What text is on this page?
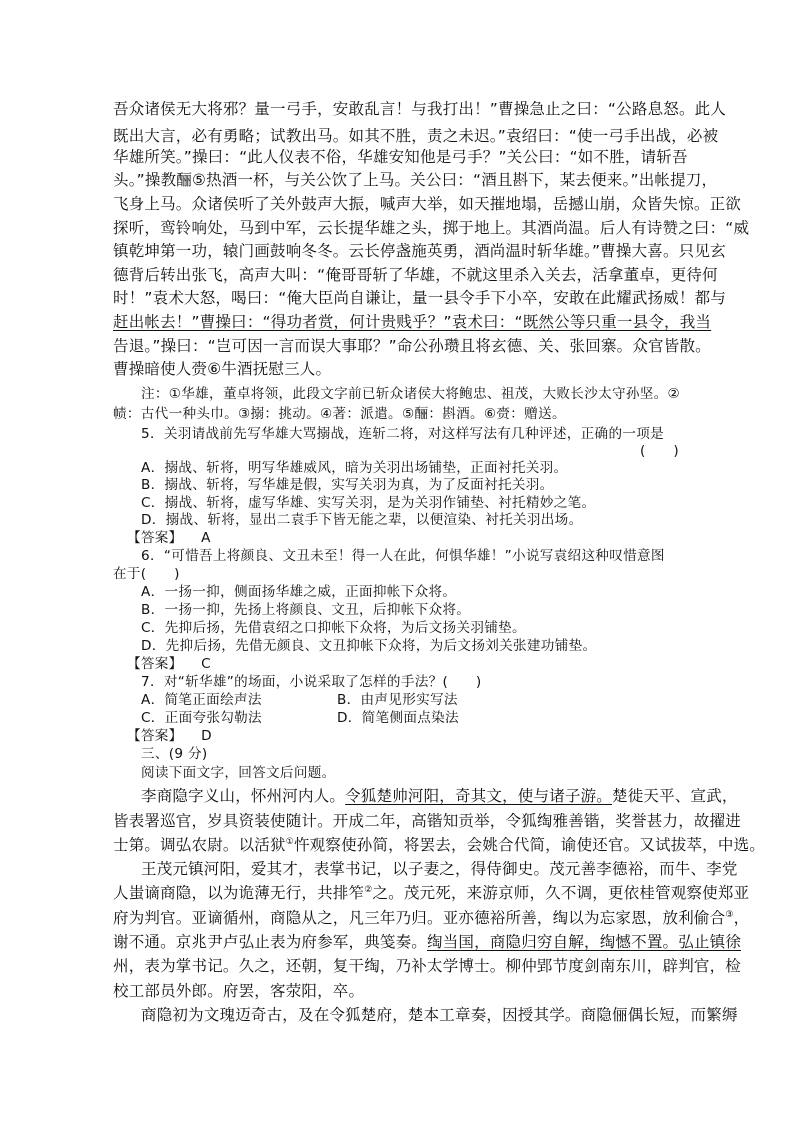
吾众诸侯无大将邪？量一弓手，安敢乱言！与我打出！”曹操急止之曰：“公路息怒。此人
既出大言，必有勇略；试教出马。如其不胜，责之未迟。”袁绍曰：“使一弓手出战，必被
华雄所笑。”操曰：“此人仪表不俗，华雄安知他是弓手？”关公曰：“如不胜，请斩吾
头。”操教酾⑤热酒一杯，与关公饮了上马。关公曰：“酒且斟下，某去便来。”出帐提刀，
飞身上马。众诸侯听了关外鼓声大振，喊声大举，如天摧地塌，岳撼山崩，众皆失惊。正欲
探听，鸾铃响处，马到中军，云长提华雄之头，掷于地上。其酒尚温。后人有诗赞之曰：“威
镇乾坤第一功，辕门画鼓响冬冬。云长停盏施英勇，酒尚温时斩华雄。”曹操大喜。只见玄
德背后转出张飞，高声大叫：“俺哥哥斩了华雄，不就这里杀入关去，活拿董卓，更待何
时！”袁术大怒，喝曰：“俺大臣尚自谦让，量一县令手下小卒，安敢在此耀武扬威！都与
赶出帐去！”曹操曰：“得功者赏，何计贵贱乎？”袁术曰：“既然公等只重一县令，我当
告退。”操曰：“岂可因一言而误大事耶？”命公孙瓒且将玄德、关、张回寨。众官皆散。
曹操暗使人赍⑥牛酒抚慰三人。
注：①华雄，董卓将领，此段文字前已斩众诸侯大将鲍忠、祖茂，大败长沙太守孙坚。②
帻：古代一种头巾。③搦：挑动。④著：派遣。⑤酾：斟酒。⑥赍：赠送。
5．关羽请战前先写华雄大骂搦战，连斩二将，对这样写法有几种评述，正确的一项是
(　　)
A．搦战、斩将，明写华雄威风，暗为关羽出场铺垫，正面衬托关羽。
B．搦战、斩将，写华雄是假，实写关羽为真，为了反面衬托关羽。
C．搦战、斩将，虚写华雄、实写关羽，是为关羽作铺垫、衬托精妙之笔。
D．搦战、斩将，显出二袁手下皆无能之辈，以便渲染、衬托关羽出场。
【答案】 A
6．“可惜吾上将颜良、文丑未至！得一人在此，何惧华雄！”小说写袁绍这种叹惜意图
在于(　　)
A．一扬一抑，侧面扬华雄之威，正面抑帐下众将。
B．一扬一抑，先扬上将颜良、文丑，后抑帐下众将。
C．先抑后扬，先借袁绍之口抑帐下众将，为后文扬关羽铺垫。
D．先抑后扬，先借无颜良、文丑抑帐下众将，为后文扬刘关张建功铺垫。
【答案】 C
7．对“斩华雄”的场面，小说采取了怎样的手法？(　　)
A．简笔正面绘声法	B．由声见形实写法
C．正面夸张勾勒法	D．简笔侧面点染法
【答案】 D
三、(9 分)
阅读下面文字，回答文后问题。
李商隐字义山，怀州河内人。令狐楚帅河阳，奇其文，使与诸子游。楚徙天平、宣武，
皆表署巡官，岁具资装使随计。开成二年，高锴知贡举，令狐绹雅善锴，奖誉甚力，故擢进
士第。调弘农尉。以活狱①忤观察使孙简，将罢去，会姚合代简，谕使还官。又试拔萃，中选。
王茂元镇河阳，爱其才，表掌书记，以子妻之，得侍御史。茂元善李德裕，而牛、李党
人蚩谪商隐，以为诡薄无行，共排笮②之。茂元死，来游京师，久不调，更依桂管观察使郑亚
府为判官。亚谪循州，商隐从之，凡三年乃归。亚亦德裕所善，绹以为忘家恩，放利偷合③，
谢不通。京兆尹卢弘止表为府参军，典笺奏。绹当国，商隐归穷自解，绹憾不置。弘止镇徐
州，表为掌书记。久之，还朝，复干绹，乃补太学博士。柳仲郢节度剑南东川，辟判官，检
校工部员外郎。府罢，客荥阳，卒。
商隐初为文瑰迈奇古，及在令狐楚府，楚本工章奏，因授其学。商隐俪偶长短，而繁缛
